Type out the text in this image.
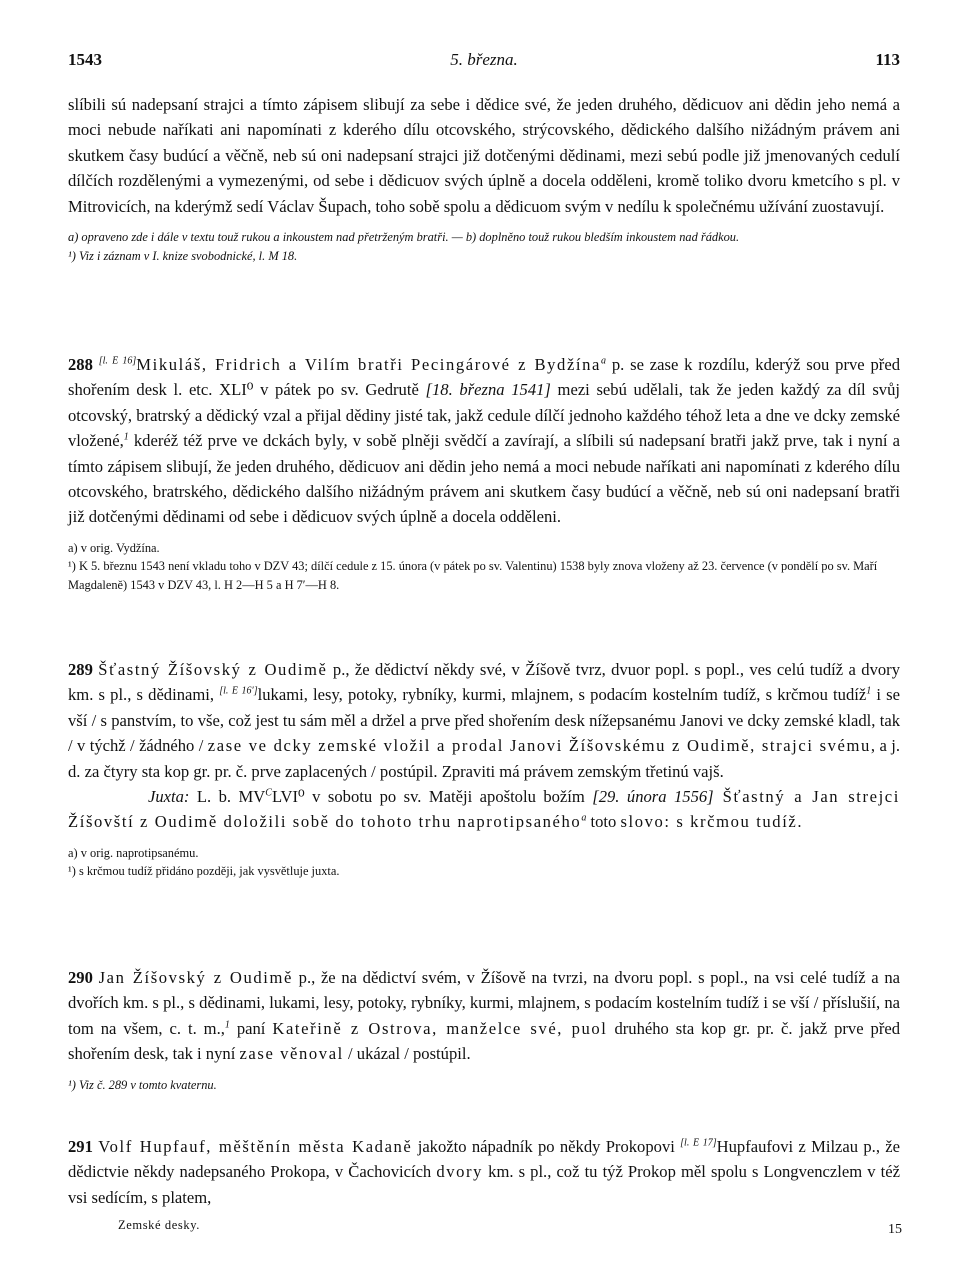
1543	5. března.	113

slíbili sú nadepsaní strajci a tímto zápisem slibují za sebe i dědice své, že jeden druhého, dědicuov ani dědin jeho nemá a moci nebude naříkati ani napomínati z kderého dílu otcovského, strýcovského, dědického dalšího nižádným právem ani skutkem časy budúcí a věčně, neb sú oni nadepsaní strajci již dotčenými dědinami, mezi sebú podle již jmenovaných cedulí dílčích rozdělenými a vymezenými, od sebe i dědicuov svých úplně a docela odděleni, kromě toliko dvoru kmetcího s pl. v Mitrovicích, na kderýmž sedí Václav Šupach, toho sobě spolu a dědicuom svým v nedílu k společnému užívání zuostavují.

a) opraveno zde i dále v textu touž rukou a inkoustem nad přetrženým bratři. — b) doplněno touž rukou bledším inkoustem nad řádkou.

¹) Viz i záznam v I. knize svobodnické, l. M 18.

288 [l. E 16]Mikuláš, Fridrich a Vilím bratři Pecingárové z Bydžína$^a$ p. se zase k rozdílu, kderýž sou prve před shořením desk l. etc. XLI⁰ v pátek po sv. Gedrutě [18. března 1541] mezi sebú udělali, tak že jeden každý za díl svůj otcovský, bratrský a dědický vzal a přijal dědiny jisté tak, jakž cedule dílčí jednoho každého téhož leta a dne ve dcky zemské vložené,$^1$ kderéž též prve ve dckách byly, v sobě plněji svědčí a zavírají, a slíbili sú nadepsaní bratři jakž prve, tak i nyní a tímto zápisem slibují, že jeden druhého, dědicuov ani dědin jeho nemá a moci nebude naříkati ani napomínati z kderého dílu otcovského, bratrského, dědického dalšího nižádným právem ani skutkem časy budúcí a věčně, neb sú oni nadepsaní bratři již dotčenými dědinami od sebe i dědicuov svých úplně a docela odděleni.

a) v orig. Vydžína.

¹) K 5. březnu 1543 není vkladu toho v DZV 43; dílčí cedule z 15. února (v pátek po sv. Valentinu) 1538 byly znova vloženy až 23. července (v pondělí po sv. Maří Magdaleně) 1543 v DZV 43, l. H 2—H 5 a H 7′—H 8.

289 Šťastný Žíšovský z Oudimě p., že dědictví někdy své, v Žíšově tvrz, dvuor popl. s popl., ves celú tudíž a dvory km. s pl., s dědinami, [l. E 16′]lukami, lesy, potoky, rybníky, kurmi, mlajnem, s podacím kostelním tudíž, s krčmou tudíž$^1$ i se vší / s panstvím, to vše, což jest tu sám měl a držel a prve před shořením desk nížepsanému Janovi ve dcky zemské kladl, tak / v týchž / žádného / zase ve dcky zemské vložil a prodal Janovi Žíšovskému z Oudimě, strajci svému, a j. d. za čtyry sta kop gr. pr. č. prve zaplacených / postúpil. Zpraviti má právem zemským třetinú vajš.

Juxta: L. b. $MV^CLVI^0$ v sobotu po sv. Matěji apoštolu božím [29. února 1556] Šťastný a Jan strejci Žíšovští z Oudimě doložili sobě do tohoto trhu naprotipsaného$^a$ toto slovo: s krčmou tudíž.

a) v orig. naprotipsanému.

¹) s krčmou tudíž přidáno později, jak vysvětluje juxta.

290 Jan Žíšovský z Oudimě p., že na dědictví svém, v Žíšově na tvrzi, na dvoru popl. s popl., na vsi celé tudíž a na dvořích km. s pl., s dědinami, lukami, lesy, potoky, rybníky, kurmi, mlajnem, s podacím kostelním tudíž i se vší / příslušií, na tom na všem, c. t. m.,$^1$ paní Kateřině z Ostrova, manželce své, puol druhého sta kop gr. pr. č. jakž prve před shořením desk, tak i nyní zase věnoval / ukázal / postúpil.

¹) Viz č. 289 v tomto kvaternu.

291 Volf Hupfauf, měštěnín města Kadaně jakožto nápadník po někdy Prokopovi [l. E 17]Hupfaufovi z Milzau p., že dědictvie někdy nadepsaného Prokopa, v Čachovicích dvory km. s pl., což tu týž Prokop měl spolu s Longvenczlem v též vsi sedícím, s platem,

Zemské desky.	15
